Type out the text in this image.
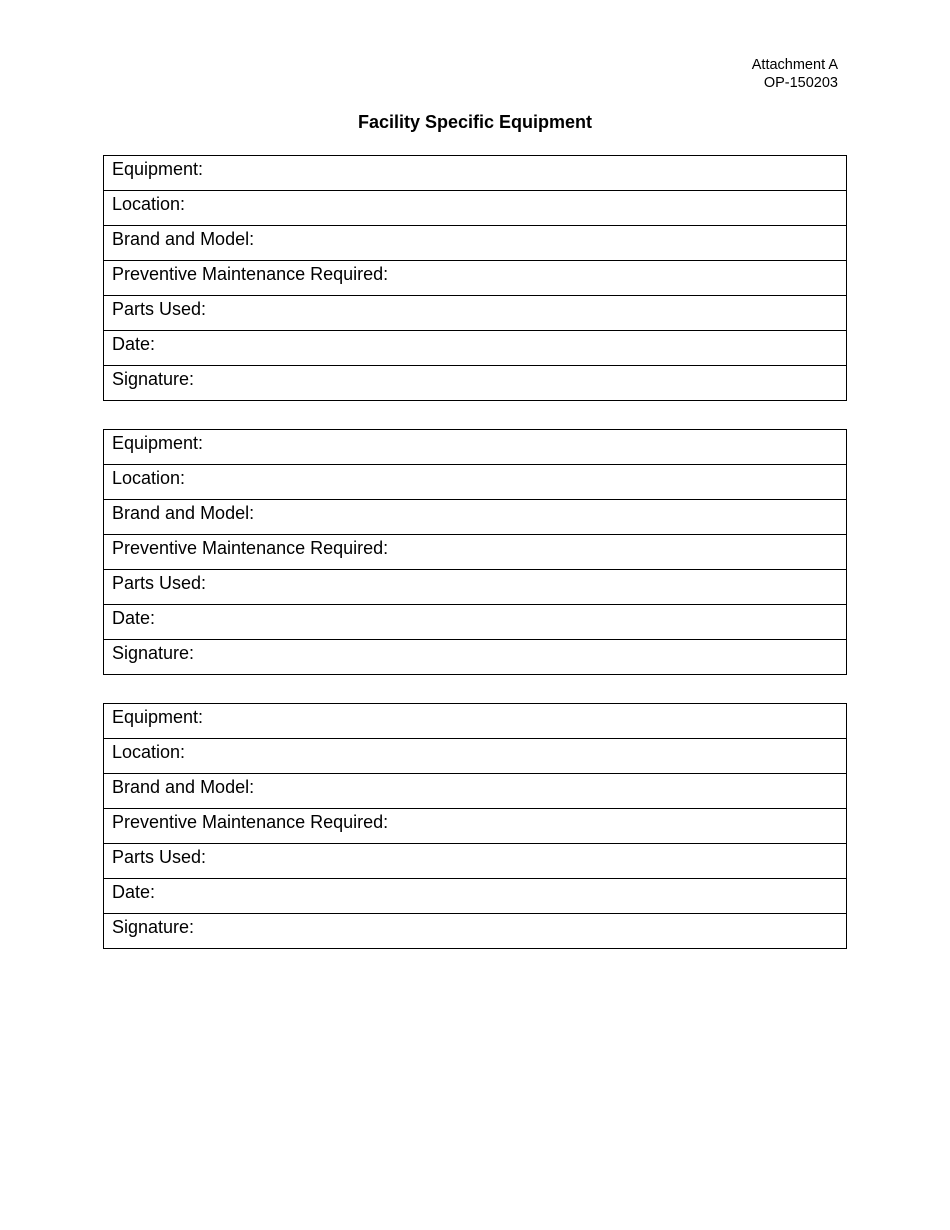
Attachment A
OP-150203
Facility Specific Equipment
Equipment:
Location:
Brand and Model:
Preventive Maintenance Required:
Parts Used:
Date:
Signature:
Equipment:
Location:
Brand and Model:
Preventive Maintenance Required:
Parts Used:
Date:
Signature:
Equipment:
Location:
Brand and Model:
Preventive Maintenance Required:
Parts Used:
Date:
Signature:
